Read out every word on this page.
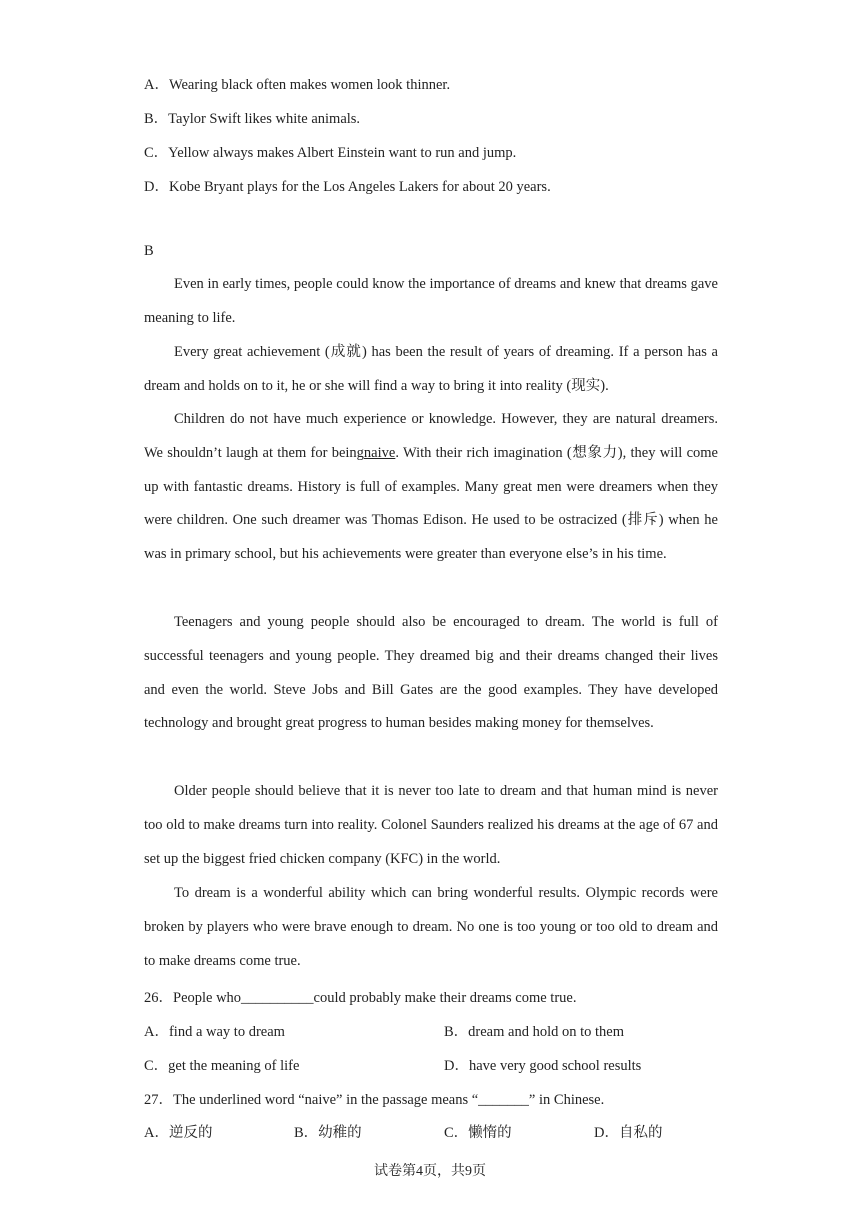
A．Wearing black often makes women look thinner.
B．Taylor Swift likes white animals.
C．Yellow always makes Albert Einstein want to run and jump.
D．Kobe Bryant plays for the Los Angeles Lakers for about 20 years.
B
Even in early times, people could know the importance of dreams and knew that dreams gave meaning to life.
Every great achievement (成就) has been the result of years of dreaming. If a person has a dream and holds on to it, he or she will find a way to bring it into reality (现实).
Children do not have much experience or knowledge. However, they are natural dreamers. We shouldn’t laugh at them for beingnaive. With their rich imagination (想象力), they will come up with fantastic dreams. History is full of examples. Many great men were dreamers when they were children. One such dreamer was Thomas Edison. He used to be ostracized (排斥) when he was in primary school, but his achievements were greater than everyone else’s in his time.
Teenagers and young people should also be encouraged to dream. The world is full of successful teenagers and young people. They dreamed big and their dreams changed their lives and even the world. Steve Jobs and Bill Gates are the good examples. They have developed technology and brought great progress to human besides making money for themselves.
Older people should believe that it is never too late to dream and that human mind is never too old to make dreams turn into reality. Colonel Saunders realized his dreams at the age of 67 and set up the biggest fried chicken company (KFC) in the world.
To dream is a wonderful ability which can bring wonderful results. Olympic records were broken by players who were brave enough to dream. No one is too young or too old to dream and to make dreams come true.
26．People who__________could probably make their dreams come true.
A．find a way to dream	B．dream and hold on to them
C．get the meaning of life	D．have very good school results
27．The underlined word “naive” in the passage means “_______” in Chinese.
A．逆反的	B．幼稚的	C．懒惰的	D．自私的
试卷第4页，共9页
